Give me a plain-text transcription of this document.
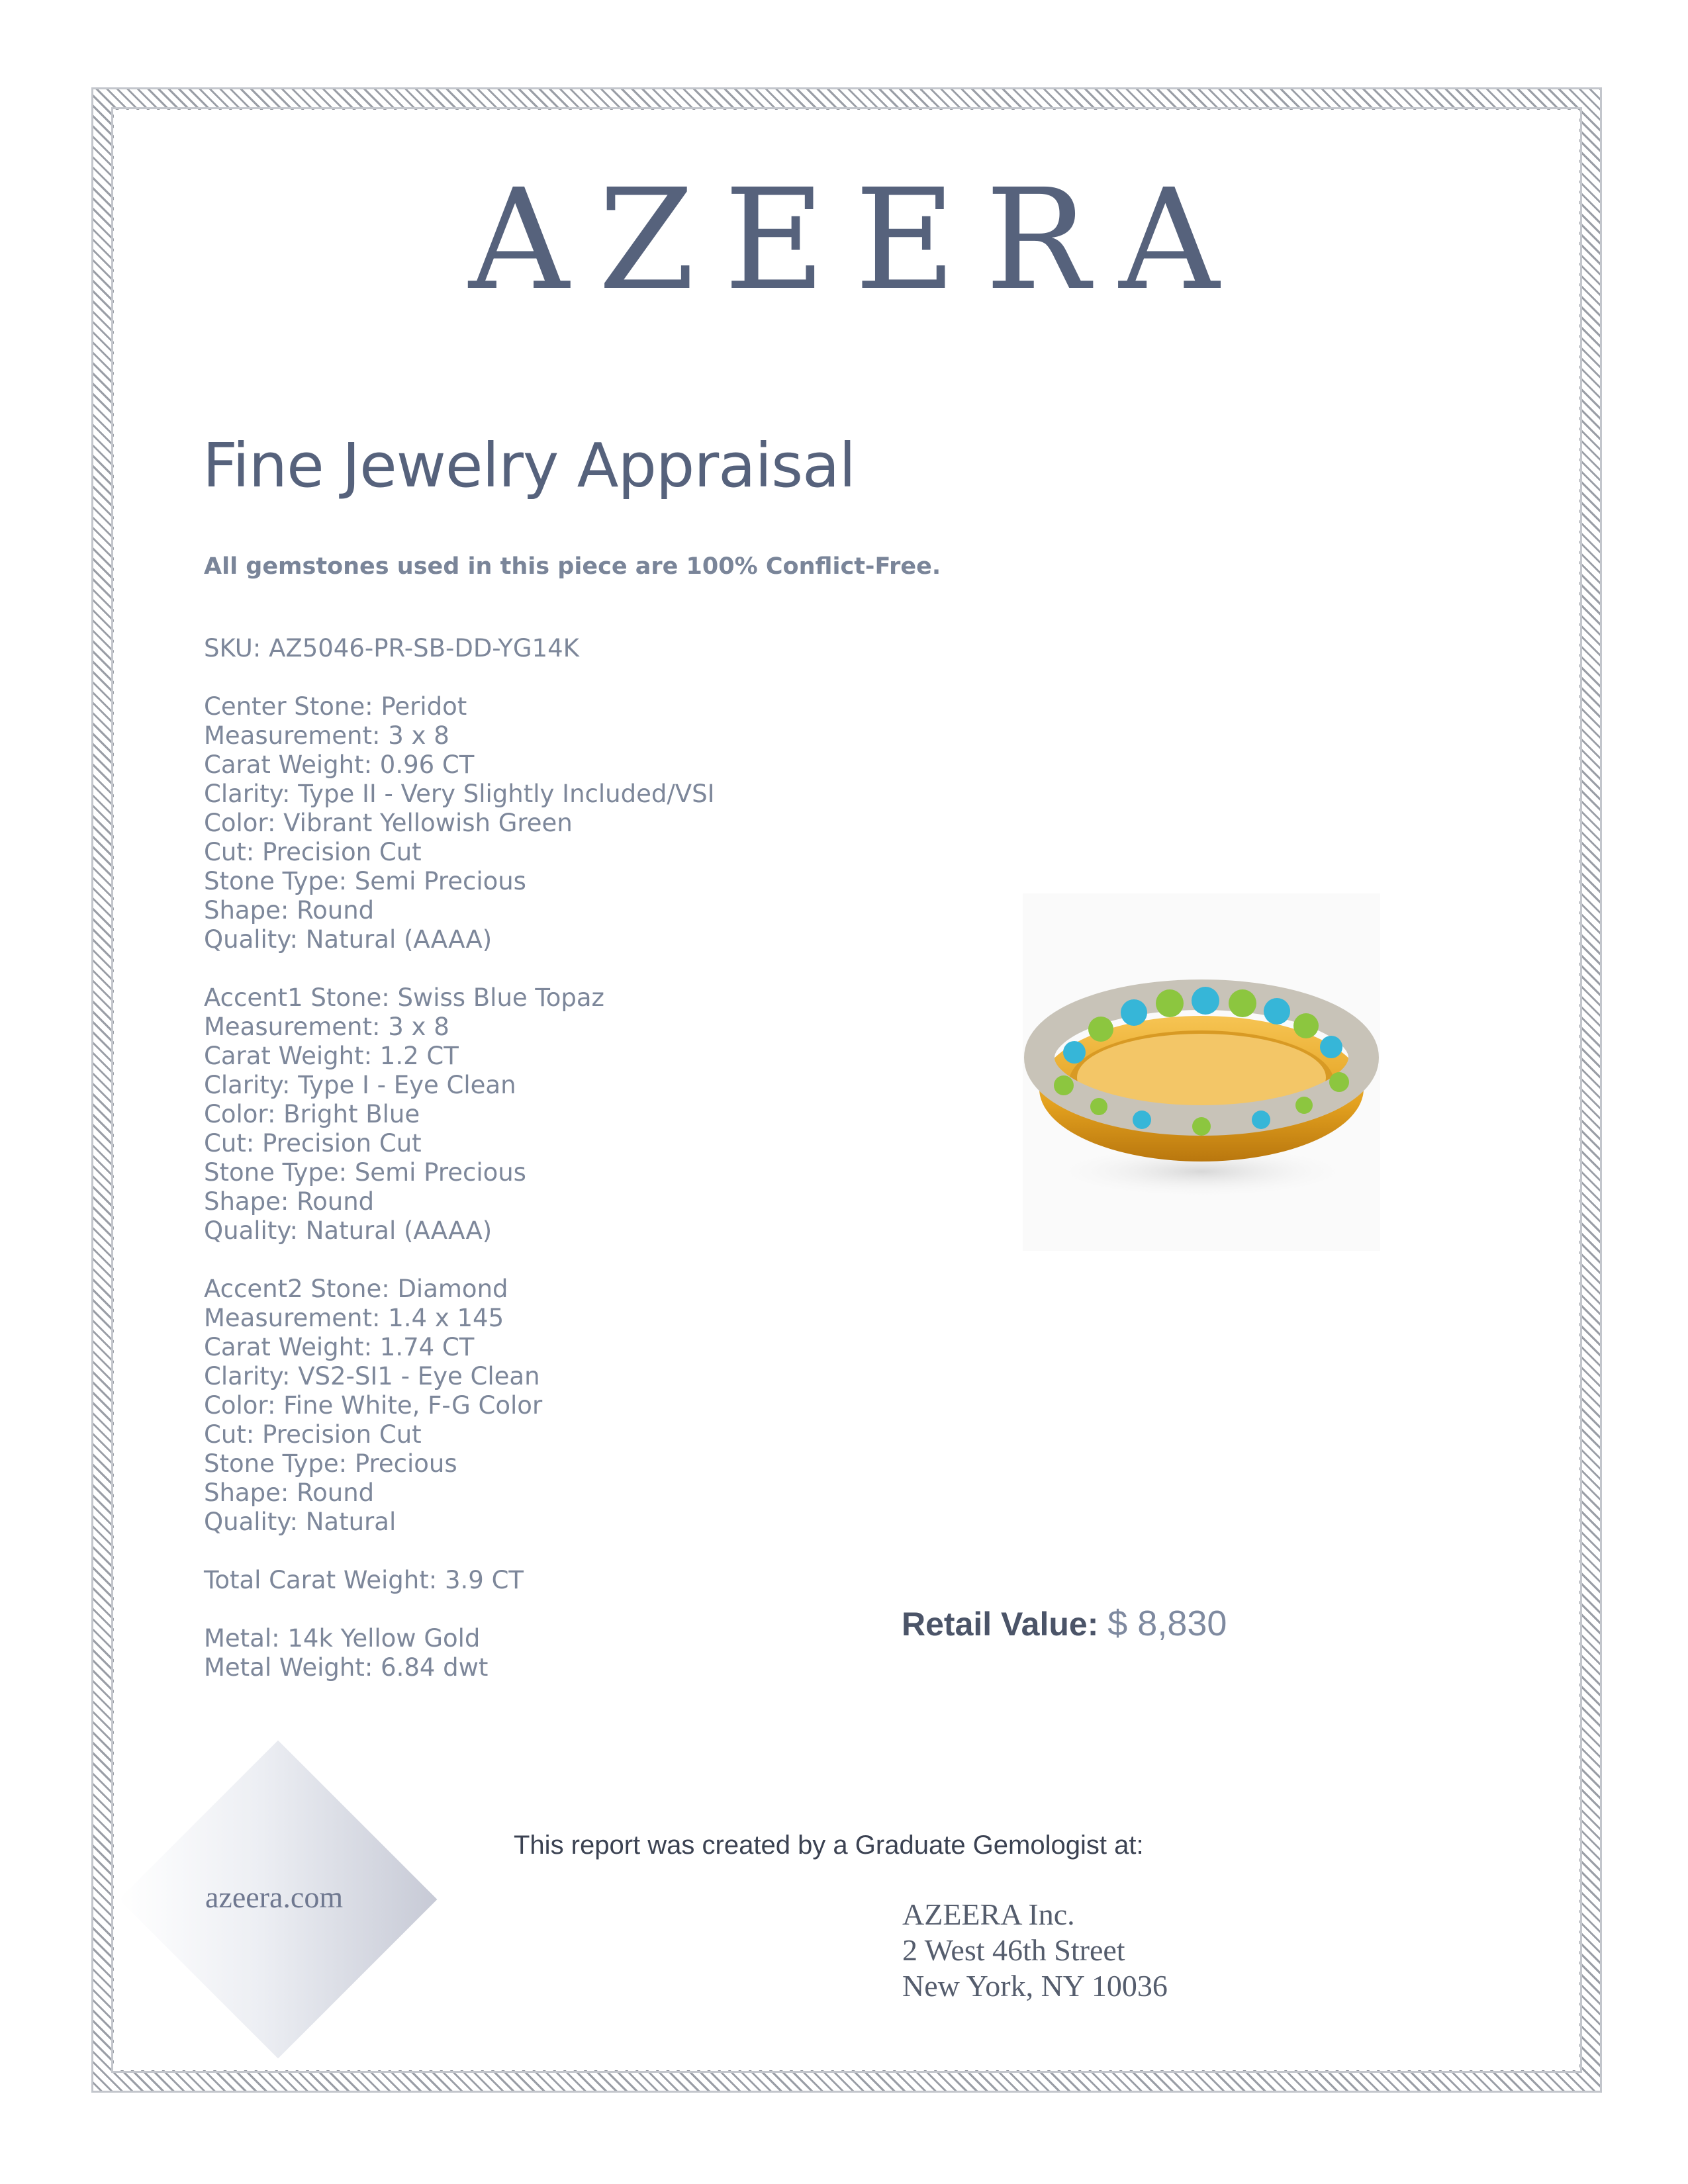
AZEERA
Fine Jewelry Appraisal
All gemstones used in this piece are 100% Conflict-Free.
SKU: AZ5046-PR-SB-DD-YG14K
Center Stone: Peridot
Measurement: 3 x 8
Carat Weight: 0.96 CT
Clarity: Type II - Very Slightly Included/VSI
Color: Vibrant Yellowish Green
Cut: Precision Cut
Stone Type: Semi Precious
Shape: Round
Quality: Natural (AAAA)
Accent1 Stone: Swiss Blue Topaz
Measurement: 3 x 8
Carat Weight: 1.2 CT
Clarity: Type I - Eye Clean
Color: Bright Blue
Cut: Precision Cut
Stone Type: Semi Precious
Shape: Round
Quality: Natural (AAAA)
Accent2 Stone: Diamond
Measurement: 1.4 x 145
Carat Weight: 1.74 CT
Clarity: VS2-SI1 - Eye Clean
Color: Fine White, F-G Color
Cut: Precision Cut
Stone Type: Precious
Shape: Round
Quality: Natural
Total Carat Weight: 3.9 CT
Metal: 14k Yellow Gold
Metal Weight: 6.84 dwt
Retail Value: $ 8,830
azeera.com
This report was created by a Graduate Gemologist at:
AZEERA Inc.
2 West 46th Street
New York, NY 10036
